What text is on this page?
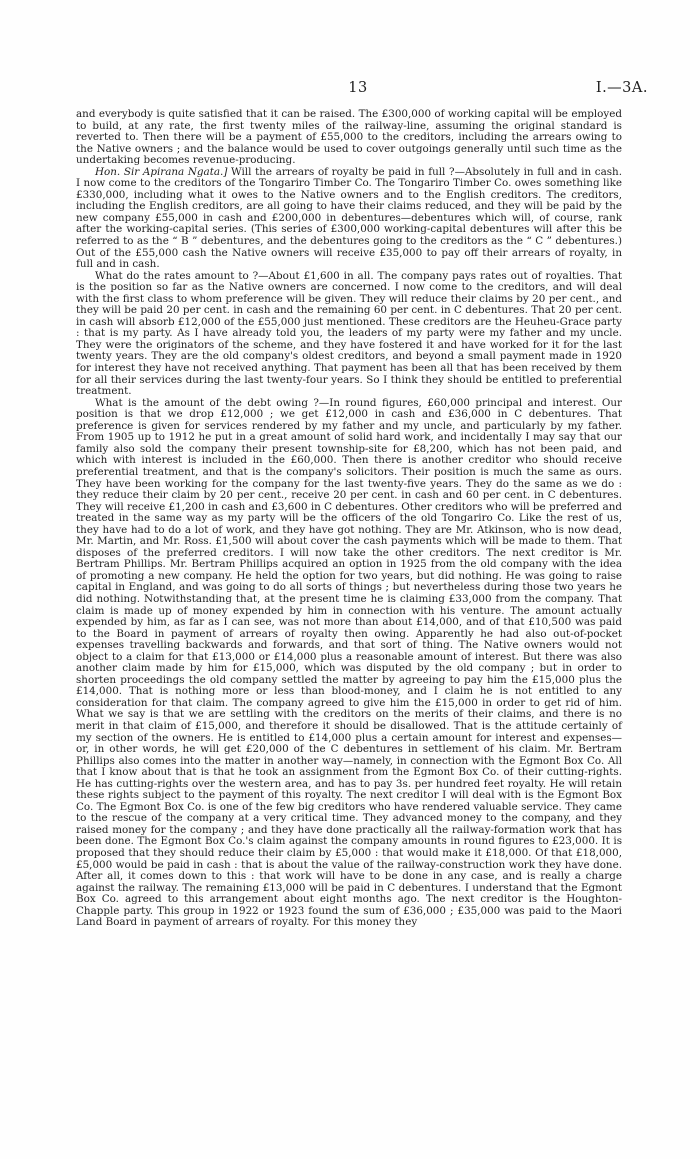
13	I.—3A.

and everybody is quite satisfied that it can be raised. The £300,000 of working capital will be employed to build, at any rate, the first twenty miles of the railway-line, assuming the original standard is reverted to. Then there will be a payment of £55,000 to the creditors, including the arrears owing to the Native owners ; and the balance would be used to cover outgoings generally until such time as the undertaking becomes revenue-producing.

Hon. Sir Apirana Ngata.] Will the arrears of royalty be paid in full ?—Absolutely in full and in cash. I now come to the creditors of the Tongariro Timber Co. The Tongariro Timber Co. owes something like £330,000, including what it owes to the Native owners and to the English creditors. The creditors, including the English creditors, are all going to have their claims reduced, and they will be paid by the new company £55,000 in cash and £200,000 in debentures—debentures which will, of course, rank after the working-capital series. (This series of £300,000 working-capital debentures will after this be referred to as the “ B ” debentures, and the debentures going to the creditors as the “ C ” debentures.) Out of the £55,000 cash the Native owners will receive £35,000 to pay off their arrears of royalty, in full and in cash.

What do the rates amount to ?—About £1,600 in all. The company pays rates out of royalties. That is the position so far as the Native owners are concerned. I now come to the creditors, and will deal with the first class to whom preference will be given. They will reduce their claims by 20 per cent., and they will be paid 20 per cent. in cash and the remaining 60 per cent. in C debentures. That 20 per cent. in cash will absorb £12,000 of the £55,000 just mentioned. These creditors are the Heuheu-Grace party : that is my party. As I have already told you, the leaders of my party were my father and my uncle. They were the originators of the scheme, and they have fostered it and have worked for it for the last twenty years. They are the old company's oldest creditors, and beyond a small payment made in 1920 for interest they have not received anything. That payment has been all that has been received by them for all their services during the last twenty-four years. So I think they should be entitled to preferential treatment.

What is the amount of the debt owing ?—In round figures, £60,000 principal and interest. Our position is that we drop £12,000 ; we get £12,000 in cash and £36,000 in C debentures. That preference is given for services rendered by my father and my uncle, and particularly by my father. From 1905 up to 1912 he put in a great amount of solid hard work, and incidentally I may say that our family also sold the company their present township-site for £8,200, which has not been paid, and which with interest is included in the £60,000. Then there is another creditor who should receive preferential treatment, and that is the company's solicitors. Their position is much the same as ours. They have been working for the company for the last twenty-five years. They do the same as we do : they reduce their claim by 20 per cent., receive 20 per cent. in cash and 60 per cent. in C debentures. They will receive £1,200 in cash and £3,600 in C debentures. Other creditors who will be preferred and treated in the same way as my party will be the officers of the old Tongariro Co. Like the rest of us, they have had to do a lot of work, and they have got nothing. They are Mr. Atkinson, who is now dead, Mr. Martin, and Mr. Ross. £1,500 will about cover the cash payments which will be made to them. That disposes of the preferred creditors. I will now take the other creditors. The next creditor is Mr. Bertram Phillips. Mr. Bertram Phillips acquired an option in 1925 from the old company with the idea of promoting a new company. He held the option for two years, but did nothing. He was going to raise capital in England, and was going to do all sorts of things ; but nevertheless during those two years he did nothing. Notwithstanding that, at the present time he is claiming £33,000 from the company. That claim is made up of money expended by him in connection with his venture. The amount actually expended by him, as far as I can see, was not more than about £14,000, and of that £10,500 was paid to the Board in payment of arrears of royalty then owing. Apparently he had also out-of-pocket expenses travelling backwards and forwards, and that sort of thing. The Native owners would not object to a claim for that £13,000 or £14,000 plus a reasonable amount of interest. But there was also another claim made by him for £15,000, which was disputed by the old company ; but in order to shorten proceedings the old company settled the matter by agreeing to pay him the £15,000 plus the £14,000. That is nothing more or less than blood-money, and I claim he is not entitled to any consideration for that claim. The company agreed to give him the £15,000 in order to get rid of him. What we say is that we are settling with the creditors on the merits of their claims, and there is no merit in that claim of £15,000, and therefore it should be disallowed. That is the attitude certainly of my section of the owners. He is entitled to £14,000 plus a certain amount for interest and expenses—or, in other words, he will get £20,000 of the C debentures in settlement of his claim. Mr. Bertram Phillips also comes into the matter in another way—namely, in connection with the Egmont Box Co. All that I know about that is that he took an assignment from the Egmont Box Co. of their cutting-rights. He has cutting-rights over the western area, and has to pay 3s. per hundred feet royalty. He will retain these rights subject to the payment of this royalty. The next creditor I will deal with is the Egmont Box Co. The Egmont Box Co. is one of the few big creditors who have rendered valuable service. They came to the rescue of the company at a very critical time. They advanced money to the company, and they raised money for the company ; and they have done practically all the railway-formation work that has been done. The Egmont Box Co.'s claim against the company amounts in round figures to £23,000. It is proposed that they should reduce their claim by £5,000 : that would make it £18,000. Of that £18,000, £5,000 would be paid in cash : that is about the value of the railway-construction work they have done. After all, it comes down to this : that work will have to be done in any case, and is really a charge against the railway. The remaining £13,000 will be paid in C debentures. I understand that the Egmont Box Co. agreed to this arrangement about eight months ago. The next creditor is the Houghton-Chapple party. This group in 1922 or 1923 found the sum of £36,000 ; £35,000 was paid to the Maori Land Board in payment of arrears of royalty. For this money they
